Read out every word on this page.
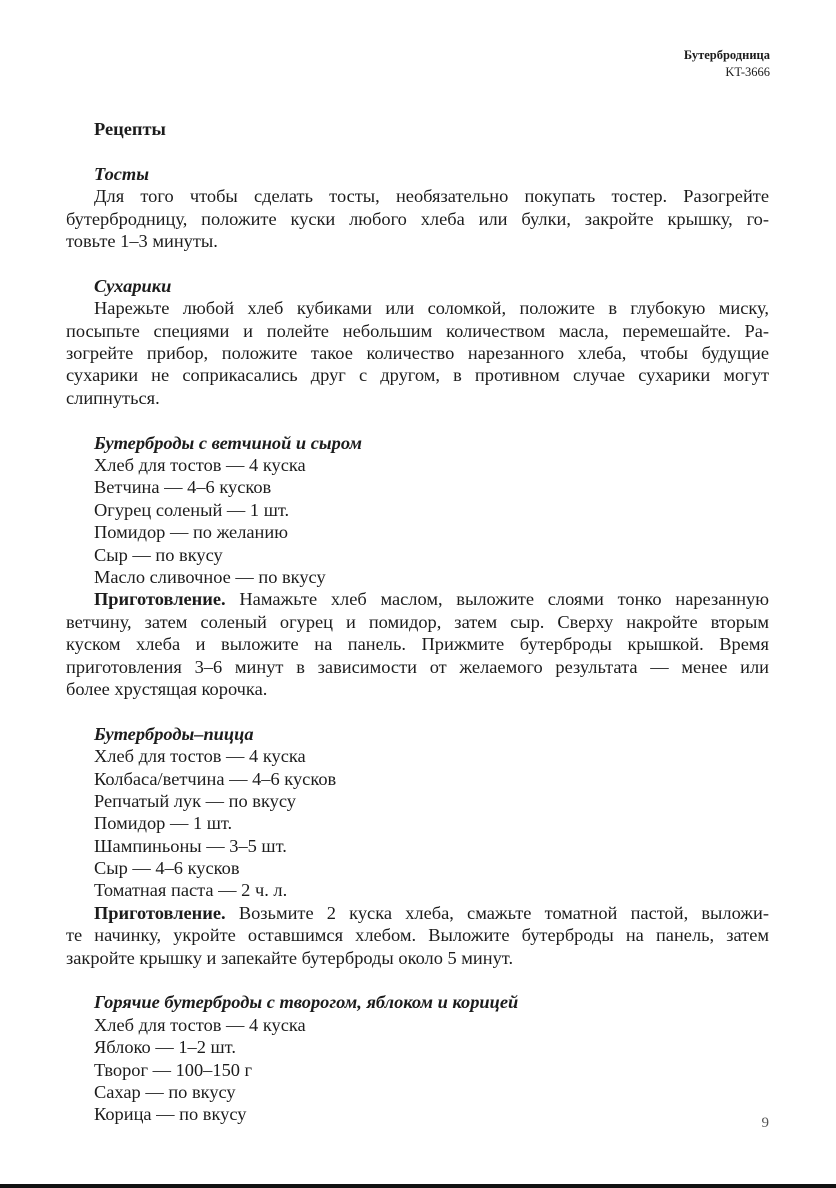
Бутербродница
KT-3666
Рецепты
Тосты
Для того чтобы сделать тосты, необязательно покупать тостер. Разогрейте
бутербродницу, положите куски любого хлеба или булки, закройте крышку, го-
товьте 1–3 минуты.
Сухарики
Нарежьте любой хлеб кубиками или соломкой, положите в глубокую миску,
посыпьте специями и полейте небольшим количеством масла, перемешайте. Ра-
зогрейте прибор, положите такое количество нарезанного хлеба, чтобы будущие
сухарики не соприкасались друг с другом, в противном случае сухарики могут
слипнуться.
Бутерброды с ветчиной и сыром
Хлеб для тостов — 4 куска
Ветчина — 4–6 кусков
Огурец соленый — 1 шт.
Помидор — по желанию
Сыр — по вкусу
Масло сливочное — по вкусу
Приготовление. Намажьте хлеб маслом, выложите слоями тонко нарезанную
ветчину, затем соленый огурец и помидор, затем сыр. Сверху накройте вторым
куском хлеба и выложите на панель. Прижмите бутерброды крышкой. Время
приготовления 3–6 минут в зависимости от желаемого результата — менее или
более хрустящая корочка.
Бутерброды–пицца
Хлеб для тостов — 4 куска
Колбаса/ветчина — 4–6 кусков
Репчатый лук — по вкусу
Помидор — 1 шт.
Шампиньоны — 3–5 шт.
Сыр — 4–6 кусков
Томатная паста — 2 ч. л.
Приготовление. Возьмите 2 куска хлеба, смажьте томатной пастой, выложи-
те начинку, укройте оставшимся хлебом. Выложите бутерброды на панель, затем
закройте крышку и запекайте бутерброды около 5 минут.
Горячие бутерброды с творогом, яблоком и корицей
Хлеб для тостов — 4 куска
Яблоко — 1–2 шт.
Творог — 100–150 г
Сахар — по вкусу
Корица — по вкусу	9
